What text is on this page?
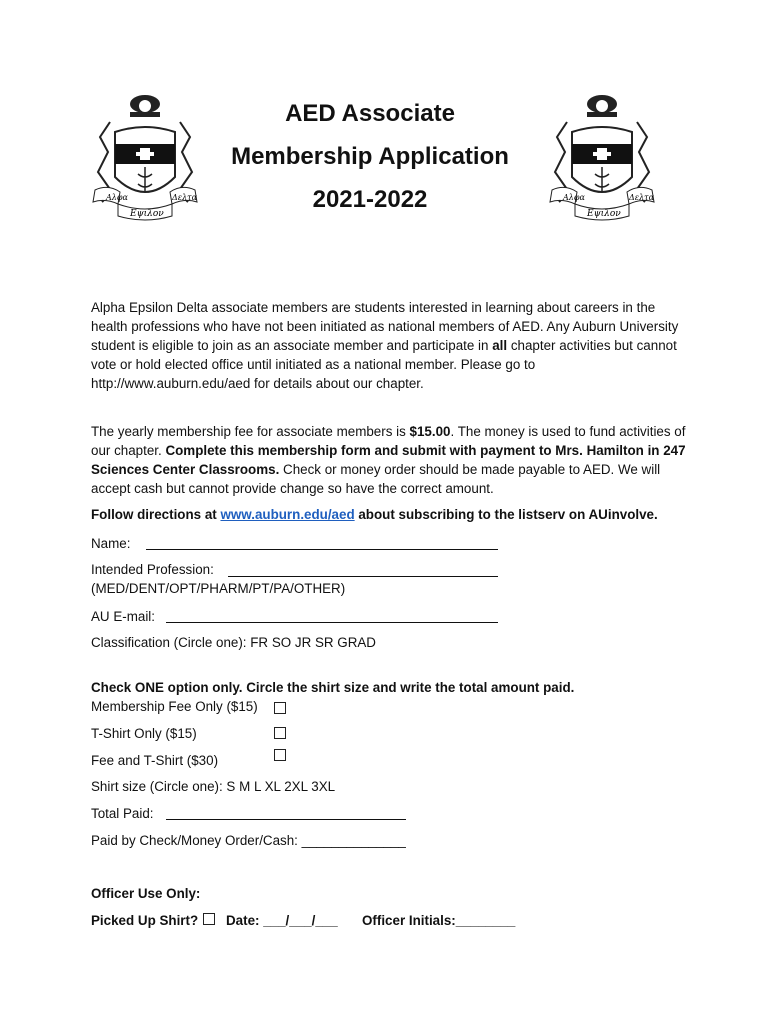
Αλφα	Δελτα
Εψιλον
Αλφα	Δελτα
Εψιλον
AED Associate
Membership Application
2021-2022
Alpha Epsilon Delta associate members are students interested in learning about careers in the health professions who have not been initiated as national members of AED. Any Auburn University student is eligible to join as an associate member and participate in all chapter activities but cannot vote or hold elected office until initiated as a national member. Please go to http://www.auburn.edu/aed for details about our chapter.
The yearly membership fee for associate members is $15.00. The money is used to fund activities of our chapter. Complete this membership form and submit with payment to Mrs. Hamilton in 247 Sciences Center Classrooms. Check or money order should be made payable to AED. We will accept cash but cannot provide change so have the correct amount.
Follow directions at www.auburn.edu/aed about subscribing to the listserv on AUinvolve.
Name:
Intended Profession:
(MED/DENT/OPT/PHARM/PT/PA/OTHER)
AU E-mail:
Classification (Circle one): FR SO JR SR GRAD
Check ONE option only. Circle the shirt size and write the total amount paid.
Membership Fee Only ($15)
T-Shirt Only ($15)
Fee and T-Shirt ($30)
Shirt size (Circle one): S M L XL 2XL 3XL
Total Paid:
Paid by Check/Money Order/Cash: ______________
Officer Use Only:
Picked Up Shirt? Date: ___/___/___ Officer Initials:________
